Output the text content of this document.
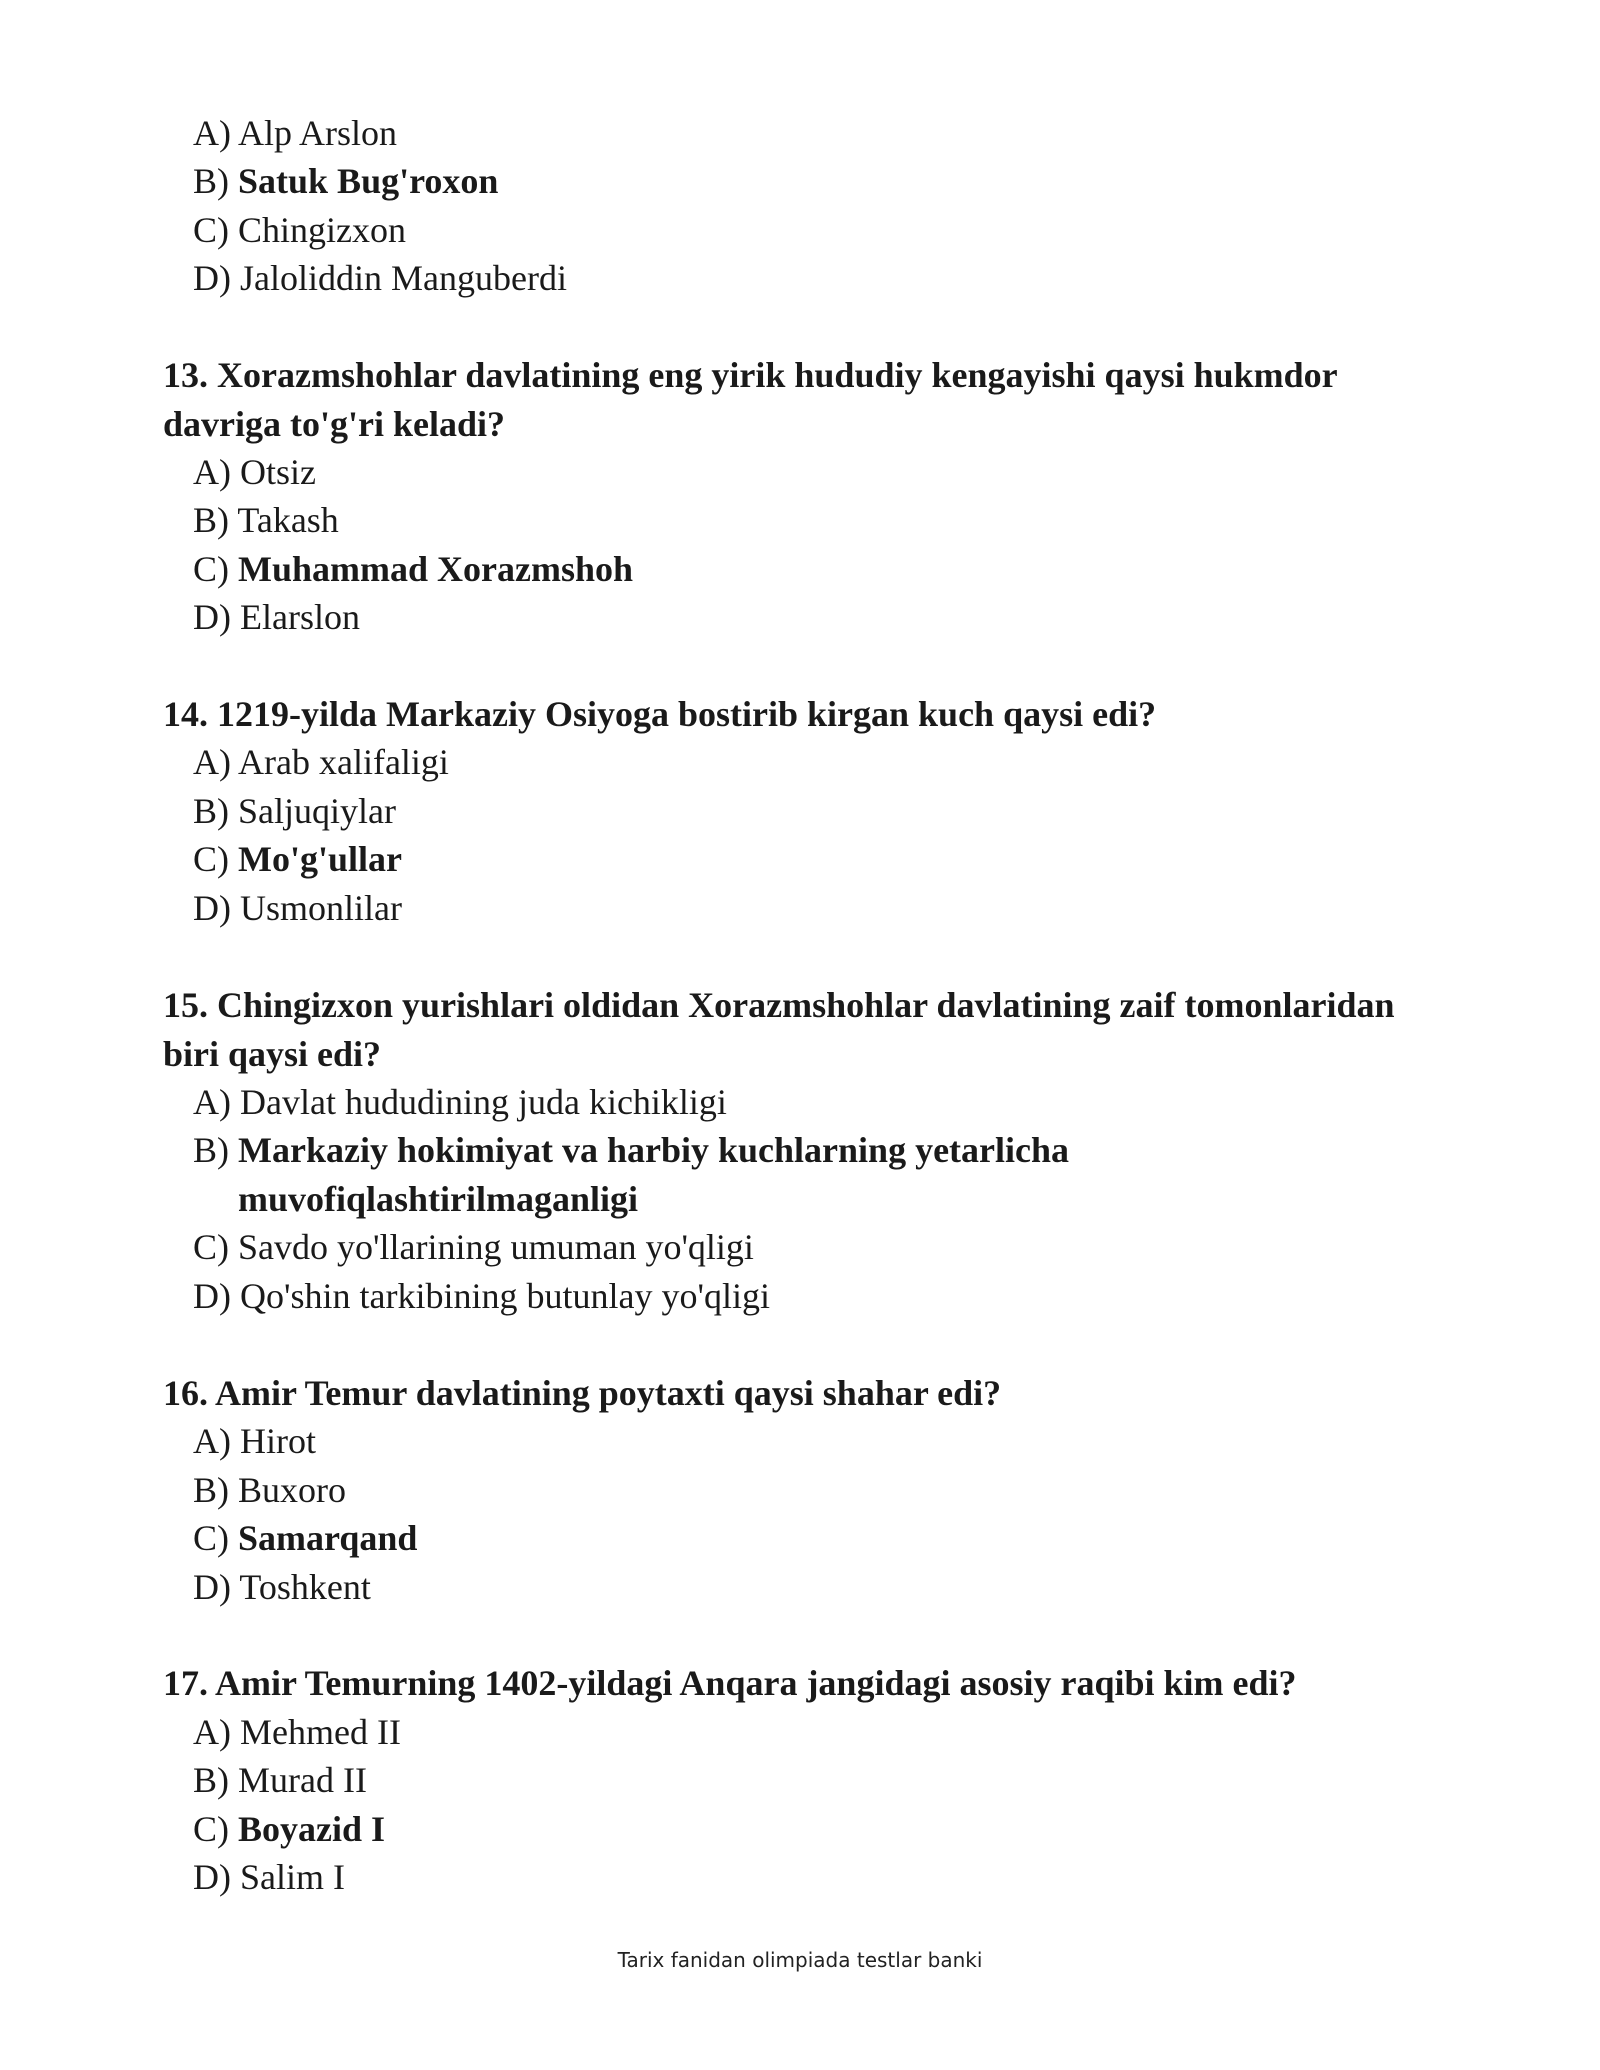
A) Alp Arslon
B) Satuk Bug'roxon
C) Chingizxon
D) Jaloliddin Manguberdi

13. Xorazmshohlar davlatining eng yirik hududiy kengayishi qaysi hukmdor davriga to'g'ri keladi?

A) Otsiz
B) Takash
C) Muhammad Xorazmshoh
D) Elarslon

14. 1219-yilda Markaziy Osiyoga bostirib kirgan kuch qaysi edi?

A) Arab xalifaligi
B) Saljuqiylar
C) Mo'g'ullar
D) Usmonlilar

15. Chingizxon yurishlari oldidan Xorazmshohlar davlatining zaif tomonlaridan biri qaysi edi?

A) Davlat hududining juda kichikligi
B) Markaziy hokimiyat va harbiy kuchlarning yetarlicha muvofiqlashtirilmaganligi
C) Savdo yo'llarining umuman yo'qligi
D) Qo'shin tarkibining butunlay yo'qligi

16. Amir Temur davlatining poytaxti qaysi shahar edi?

A) Hirot
B) Buxoro
C) Samarqand
D) Toshkent

17. Amir Temurning 1402-yildagi Anqara jangidagi asosiy raqibi kim edi?

A) Mehmed II
B) Murad II
C) Boyazid I
D) Salim I
Tarix fanidan olimpiada testlar banki
